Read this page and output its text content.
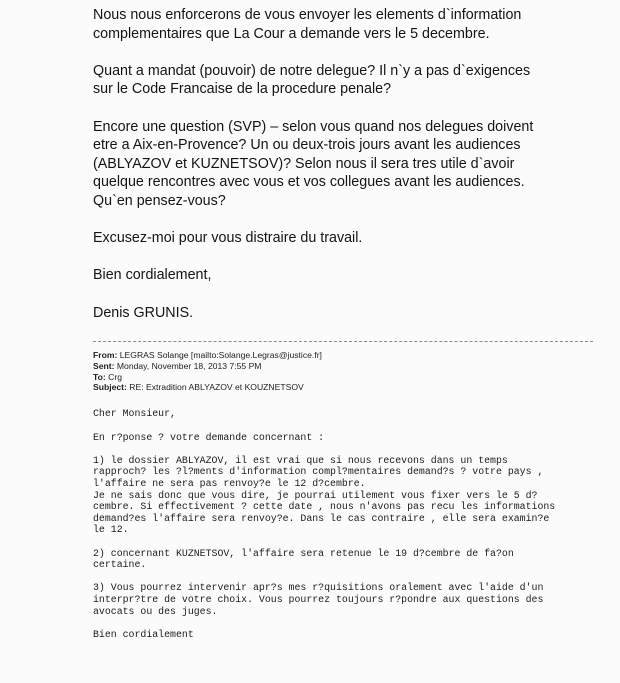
Nous nous enforcerons de vous envoyer les elements d`information
complementaires que La Cour a demande vers le 5 decembre.

Quant a mandat (pouvoir) de notre delegue? Il n`y a pas d`exigences
sur le Code Francaise de la procedure penale?

Encore une question (SVP) – selon vous quand nos delegues doivent
etre a Aix-en-Provence? Un ou deux-trois jours avant les audiences
(ABLYAZOV et KUZNETSOV)? Selon nous il sera tres utile d`avoir
quelque rencontres avec vous et vos collegues avant les audiences.
Qu`en pensez-vous?

Excusez-moi pour vous distraire du travail.

Bien cordialement,

Denis GRUNIS.

From: LEGRAS Solange [mailto:Solange.Legras@justice.fr]
Sent: Monday, November 18, 2013 7:55 PM
To: Crg
Subject: RE: Extradition ABLYAZOV et KOUZNETSOV

Cher Monsieur,

En r?ponse ? votre demande concernant :

1) le dossier ABLYAZOV, il est vrai que si nous recevons dans un temps
rapproch? les ?l?ments d'information compl?mentaires demand?s ? votre pays ,
l'affaire ne sera pas renvoy?e le 12 d?cembre.
Je ne sais donc que vous dire, je pourrai utilement vous fixer vers le 5 d?
cembre. Si effectivement ? cette date , nous n'avons pas recu les informations
demand?es l'affaire sera renvoy?e. Dans le cas contraire , elle sera examin?e
le 12.

2) concernant KUZNETSOV, l'affaire sera retenue le 19 d?cembre de fa?on
certaine.

3) Vous pourrez intervenir apr?s mes r?quisitions oralement avec l'aide d'un
interpr?tre de votre choix. Vous pourrez toujours r?pondre aux questions des
avocats ou des juges.

Bien cordialement
